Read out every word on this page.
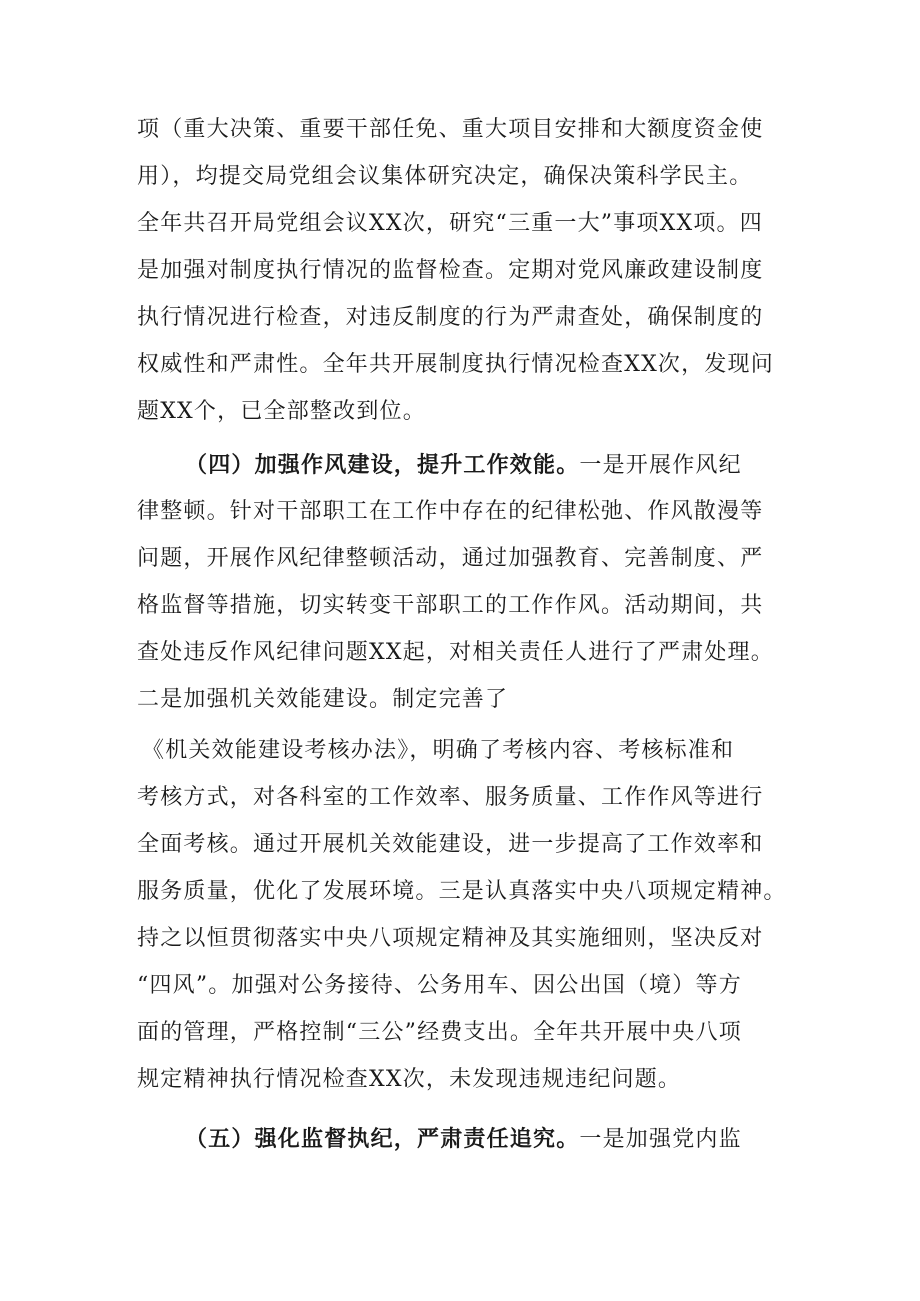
项（重大决策、重要干部任免、重大项目安排和大额度资金使
用），均提交局党组会议集体研究决定，确保决策科学民主。
全年共召开局党组会议XX次，研究“三重一大”事项XX项。四
是加强对制度执行情况的监督检查。定期对党风廉政建设制度
执行情况进行检查，对违反制度的行为严肃查处，确保制度的
权威性和严肃性。全年共开展制度执行情况检查XX次，发现问
题XX个，已全部整改到位。
（四）加强作风建设，提升工作效能。一是开展作风纪
律整顿。针对干部职工在工作中存在的纪律松弛、作风散漫等
问题，开展作风纪律整顿活动，通过加强教育、完善制度、严
格监督等措施，切实转变干部职工的工作作风。活动期间，共
查处违反作风纪律问题XX起，对相关责任人进行了严肃处理。
二是加强机关效能建设。制定完善了
《机关效能建设考核办法》，明确了考核内容、考核标准和
考核方式，对各科室的工作效率、服务质量、工作作风等进行
全面考核。通过开展机关效能建设，进一步提高了工作效率和
服务质量，优化了发展环境。三是认真落实中央八项规定精神。
持之以恒贯彻落实中央八项规定精神及其实施细则，坚决反对
“四风”。加强对公务接待、公务用车、因公出国（境）等方
面的管理，严格控制“三公”经费支出。全年共开展中央八项
规定精神执行情况检查XX次，未发现违规违纪问题。
（五）强化监督执纪，严肃责任追究。一是加强党内监
